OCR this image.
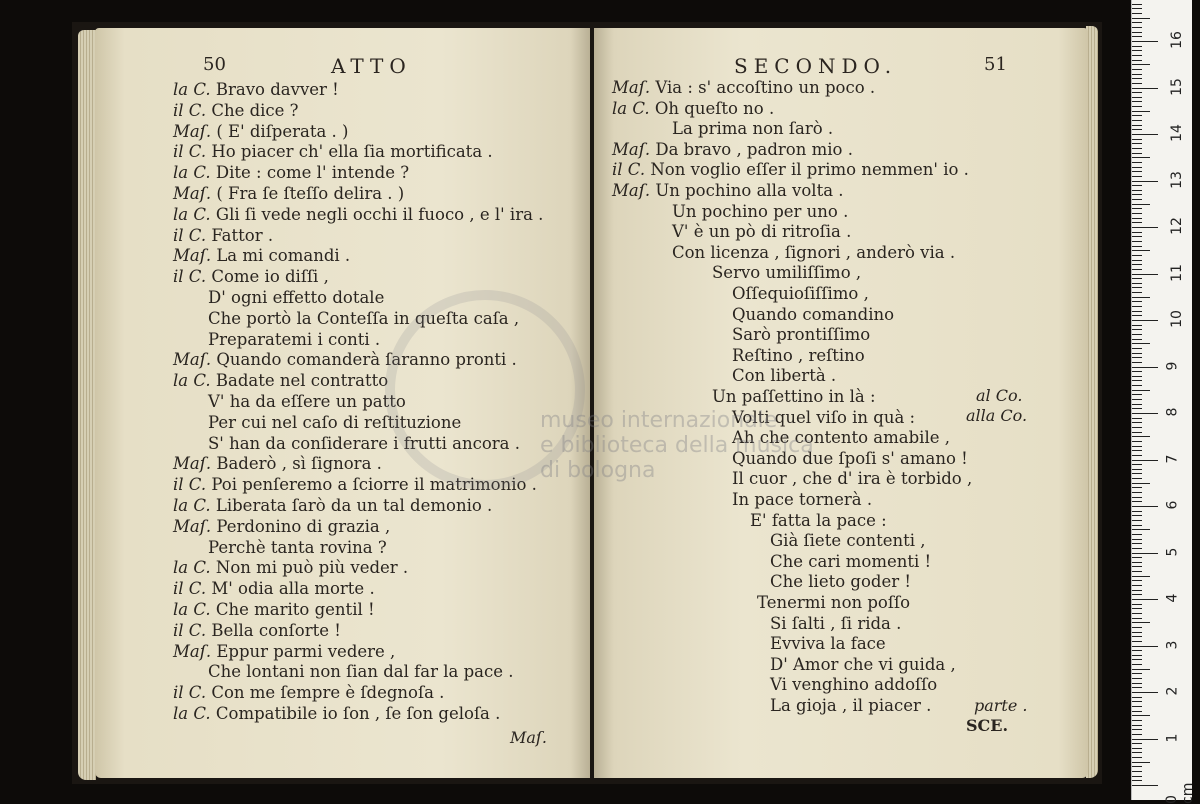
50	ATTO
la C. Bravo davver !
il C. Che dice ?
Maſ. ( E' diſperata . )
il C. Ho piacer ch' ella ſia mortificata .
la C. Dite : come l' intende ?
Maſ. ( Fra ſe ſteſſo delira . )
la C. Gli ſi vede negli occhi il fuoco , e l' ira .
il C. Fattor .
Maſ. La mi comandi .
il C. Come io diſſi ,
D' ogni effetto dotale
Che portò la Conteſſa in queſta caſa ,
Preparatemi i conti .
Maſ. Quando comanderà ſaranno pronti .
la C. Badate nel contratto
V' ha da eſſere un patto
Per cui nel caſo di reſtituzione
S' han da conſiderare i frutti ancora .
Maſ. Baderò , sì ſignora .
il C. Poi penſeremo a ſciorre il matrimonio .
la C. Liberata ſarò da un tal demonio .
Maſ. Perdonino di grazia ,
Perchè tanta rovina ?
la C. Non mi può più veder .
il C. M' odia alla morte .
la C. Che marito gentil !
il C. Bella conſorte !
Maſ. Eppur parmi vedere ,
Che lontani non ſian dal far la pace .
il C. Con me ſempre è ſdegnoſa .
la C. Compatibile io ſon , ſe ſon geloſa .
Maſ.
SECONDO.	51
Maſ. Via : s' accoſtino un poco .
la C. Oh queſto no .
La prima non ſarò .
Maſ. Da bravo , padron mio .
il C. Non voglio eſſer il primo nemmen' io .
Maſ. Un pochino alla volta .
Un pochino per uno .
V' è un pò di ritroſia .
Con licenza , ſignori , anderò via .
Servo umiliſſimo ,
Oſſequioſiſſimo ,
Quando comandino
Sarò prontiſſimo
Reſtino , reſtino
Con libertà .
Un paſſettino in là :
Volti quel viſo in quà :
Ah che contento amabile ,
Quando due ſpoſi s' amano !
Il cuor , che d' ira è torbido ,
In pace tornerà .
E' fatta la pace :
Già ſiete contenti ,
Che cari momenti !
Che lieto goder !
Tenermi non poſſo
Si ſalti , ſi rida .
Evviva la face
D' Amor che vi guida ,
Vi venghino addoſſo
La gioja , il piacer .
al Co.
alla Co.
parte .
SCE.
museo internazionale
e biblioteca della musica
di bologna
0 cm
1
2
3
4
5
6
7
8
9
10
11
12
13
14
15
16
